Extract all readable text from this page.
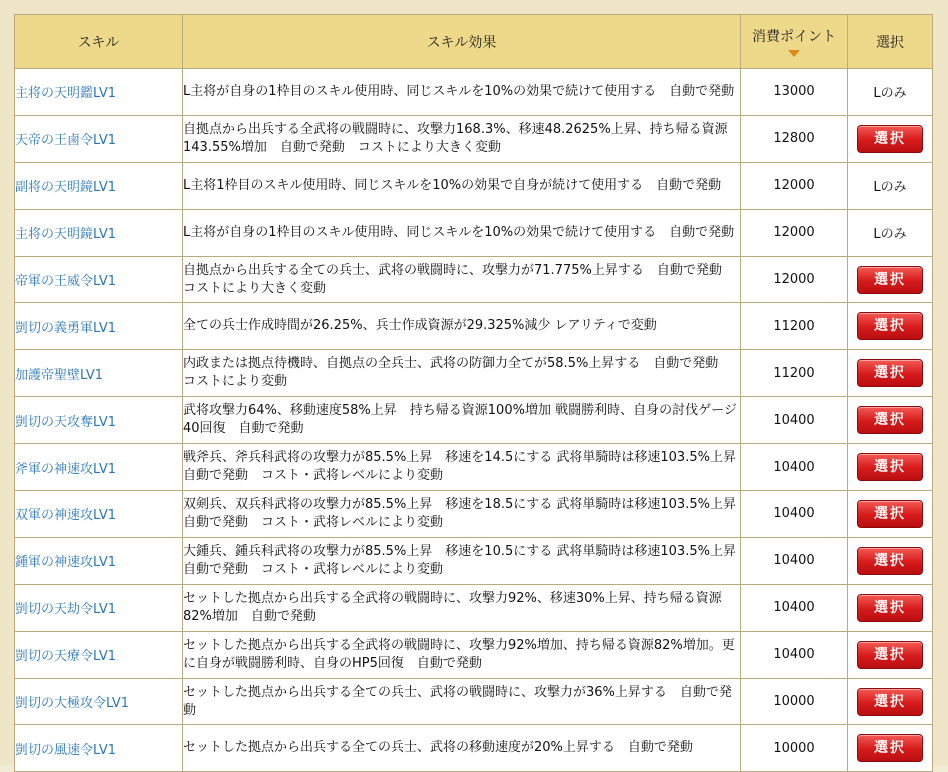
スキル	スキル効果	消費ポイント	選択
主将の天明鑑LV1	L主将が自身の1枠目のスキル使用時、同じスキルを10%の効果で続けて使用する　自動で発動	13000	Lのみ
天帝の王鹵令LV1	自拠点から出兵する全武将の戦闘時に、攻撃力168.3%、移速48.2625%上昇、持ち帰る資源143.55%増加　自動で発動　コストにより大きく変動	12800	選択
副将の天明鏡LV1	L主将1枠目のスキル使用時、同じスキルを10%の効果で自身が続けて使用する　自動で発動	12000	Lのみ
主将の天明鏡LV1	L主将が自身の1枠目のスキル使用時、同じスキルを10%の効果で続けて使用する　自動で発動	12000	Lのみ
帝軍の王威令LV1	自拠点から出兵する全ての兵士、武将の戦闘時に、攻撃力が71.775%上昇する　自動で発動　コストにより大きく変動	12000	選択
剴切の義勇軍LV1	全ての兵士作成時間が26.25%、兵士作成資源が29.325%減少 レアリティで変動	11200	選択
加護帝聖壁LV1	内政または拠点待機時、自拠点の全兵士、武将の防御力全てが58.5%上昇する　自動で発動　コストにより変動	11200	選択
剴切の天攻奪LV1	武将攻撃力64%、移動速度58%上昇　持ち帰る資源100%増加 戦闘勝利時、自身の討伐ゲージ40回復　自動で発動	10400	選択
斧軍の神速攻LV1	戦斧兵、斧兵科武将の攻撃力が85.5%上昇　移速を14.5にする 武将単騎時は移速103.5%上昇　自動で発動　コスト・武将レベルにより変動	10400	選択
双軍の神速攻LV1	双剣兵、双兵科武将の攻撃力が85.5%上昇　移速を18.5にする 武将単騎時は移速103.5%上昇　自動で発動　コスト・武将レベルにより変動	10400	選択
鍾軍の神速攻LV1	大鍾兵、鍾兵科武将の攻撃力が85.5%上昇　移速を10.5にする 武将単騎時は移速103.5%上昇　自動で発動　コスト・武将レベルにより変動	10400	選択
剴切の天劫令LV1	セットした拠点から出兵する全武将の戦闘時に、攻撃力92%、移速30%上昇、持ち帰る資源82%増加　自動で発動	10400	選択
剴切の天療令LV1	セットした拠点から出兵する全武将の戦闘時に、攻撃力92%増加、持ち帰る資源82%増加。更に自身が戦闘勝利時、自身のHP5回復　自動で発動	10400	選択
剴切の大極攻令LV1	セットした拠点から出兵する全ての兵士、武将の戦闘時に、攻撃力が36%上昇する　自動で発動	10000	選択
剴切の風速令LV1	セットした拠点から出兵する全ての兵士、武将の移動速度が20%上昇する　自動で発動	10000	選択
